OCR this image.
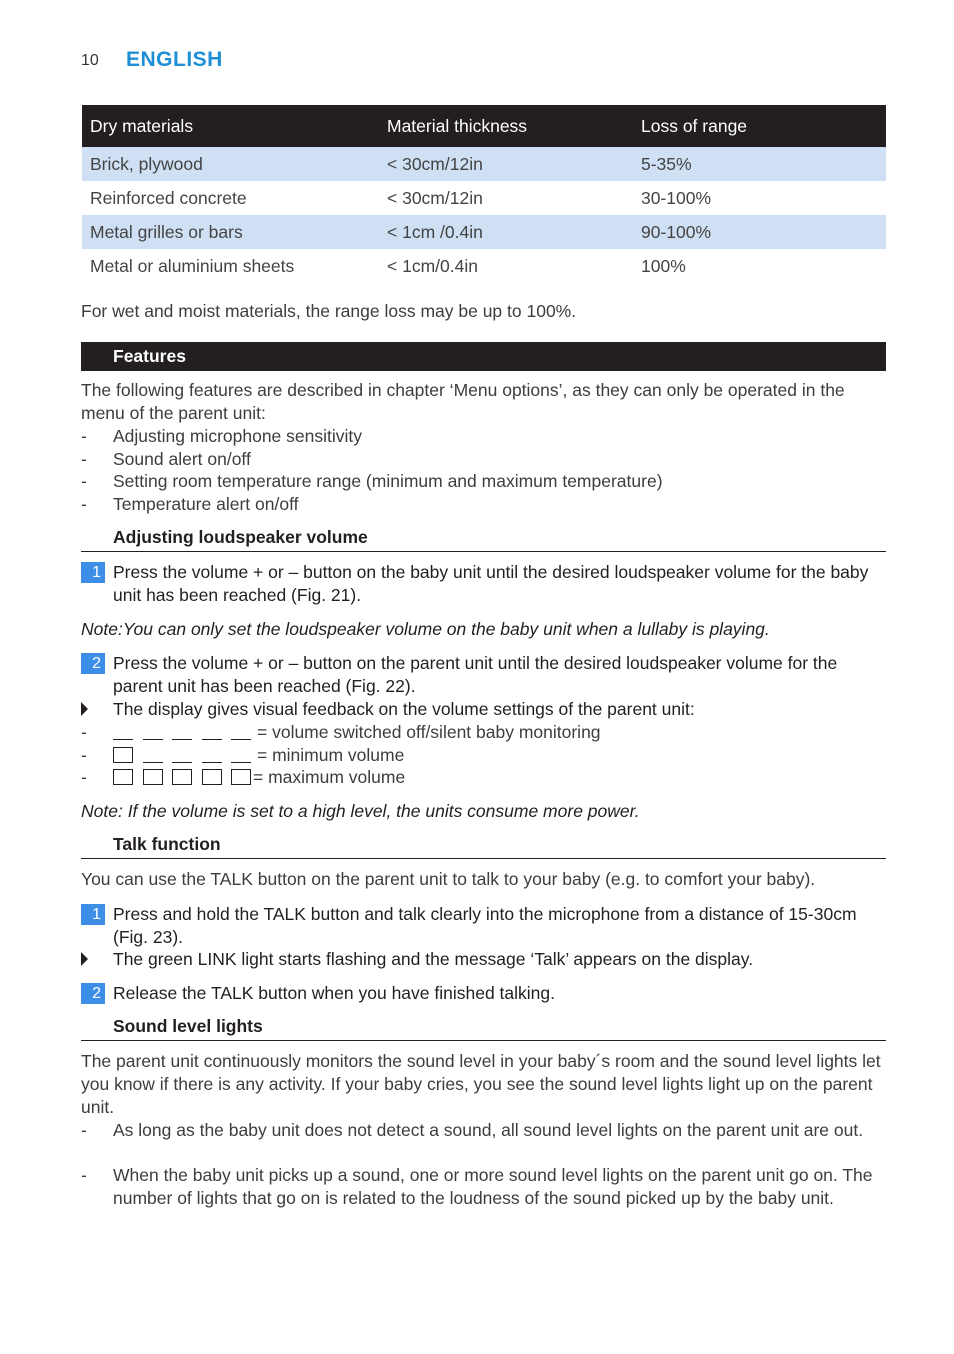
10 ENGLISH
Dry materials	Material thickness	Loss of range
Brick, plywood	< 30cm/12in	5-35%
Reinforced concrete	< 30cm/12in	30-100%
Metal grilles or bars	< 1cm /0.4in	90-100%
Metal or aluminium sheets	< 1cm/0.4in	100%
For wet and moist materials, the range loss may be up to 100%.
Features
The following features are described in chapter ‘Menu options’, as they can only be operated in the menu of the parent unit:
- Adjusting microphone sensitivity
- Sound alert on/off
- Setting room temperature range (minimum and maximum temperature)
- Temperature alert on/off
Adjusting loudspeaker volume
1 Press the volume + or – button on the baby unit until the desired loudspeaker volume for the baby unit has been reached (Fig. 21).
Note:You can only set the loudspeaker volume on the baby unit when a lullaby is playing.
2 Press the volume + or – button on the parent unit until the desired loudspeaker volume for the parent unit has been reached (Fig. 22).
The display gives visual feedback on the volume settings of the parent unit:
-	= volume switched off/silent baby monitoring
-	= minimum volume
-	= maximum volume
Note: If the volume is set to a high level, the units consume more power.
Talk function
You can use the TALK button on the parent unit to talk to your baby (e.g. to comfort your baby).
1 Press and hold the TALK button and talk clearly into the microphone from a distance of 15-30cm (Fig. 23).
The green LINK light starts flashing and the message ‘Talk’ appears on the display.
2 Release the TALK button when you have finished talking.
Sound level lights
The parent unit continuously monitors the sound level in your baby´s room and the sound level lights let you know if there is any activity. If your baby cries, you see the sound level lights light up on the parent unit.
- As long as the baby unit does not detect a sound, all sound level lights on the parent unit are out.
- When the baby unit picks up a sound, one or more sound level lights on the parent unit go on. The number of lights that go on is related to the loudness of the sound picked up by the baby unit.
